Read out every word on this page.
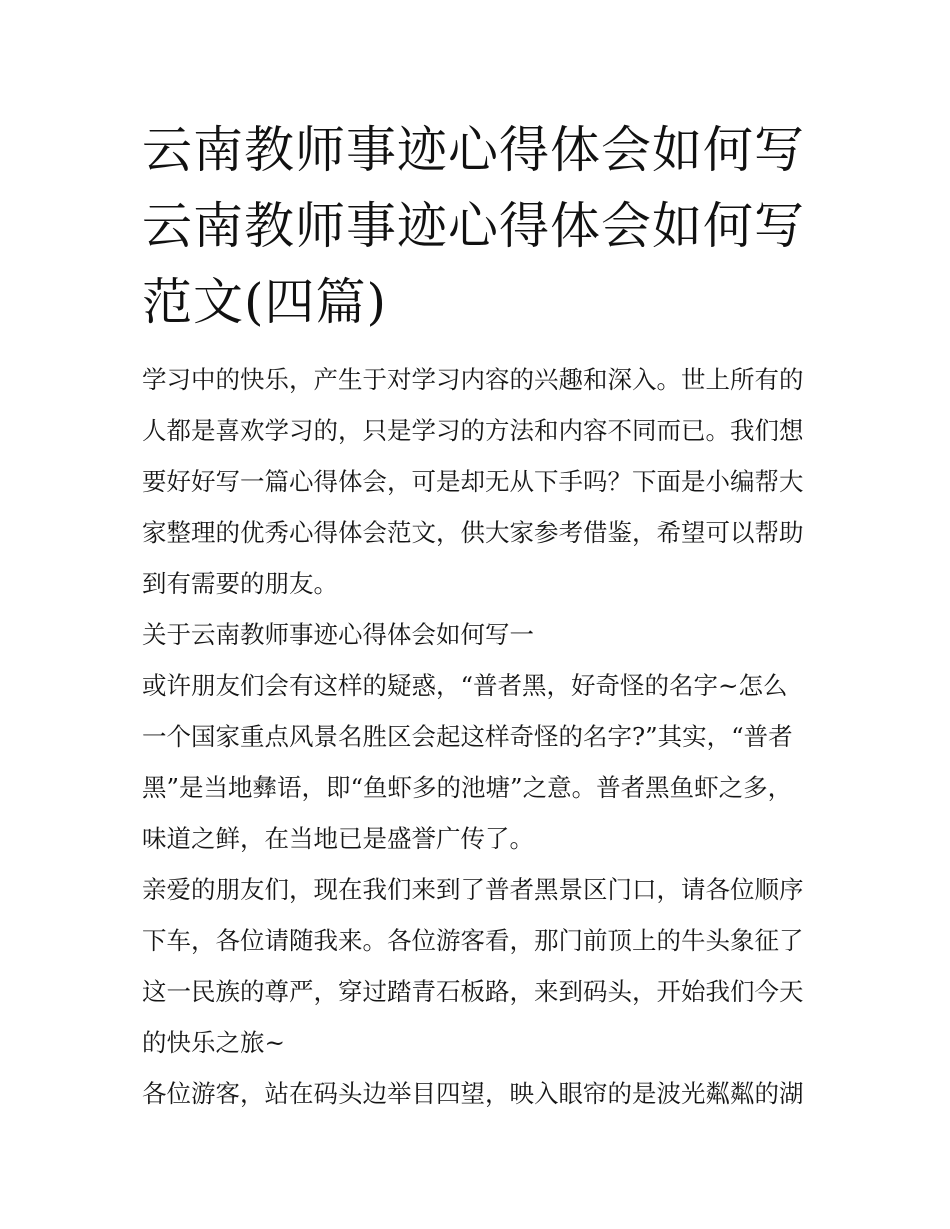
云南教师事迹心得体会如何写
云南教师事迹心得体会如何写
范文(四篇)

学习中的快乐，产生于对学习内容的兴趣和深入。世上所有的
人都是喜欢学习的，只是学习的方法和内容不同而已。我们想
要好好写一篇心得体会，可是却无从下手吗？下面是小编帮大
家整理的优秀心得体会范文，供大家参考借鉴，希望可以帮助
到有需要的朋友。

关于云南教师事迹心得体会如何写一

或许朋友们会有这样的疑惑，“普者黑，好奇怪的名字~怎么
一个国家重点风景名胜区会起这样奇怪的名字?”其实，“普者
黑”是当地彝语，即“鱼虾多的池塘”之意。普者黑鱼虾之多，
味道之鲜，在当地已是盛誉广传了。

亲爱的朋友们，现在我们来到了普者黑景区门口，请各位顺序
下车，各位请随我来。各位游客看，那门前顶上的牛头象征了
这一民族的尊严，穿过踏青石板路，来到码头，开始我们今天
的快乐之旅~

各位游客，站在码头边举目四望，映入眼帘的是波光粼粼的湖
